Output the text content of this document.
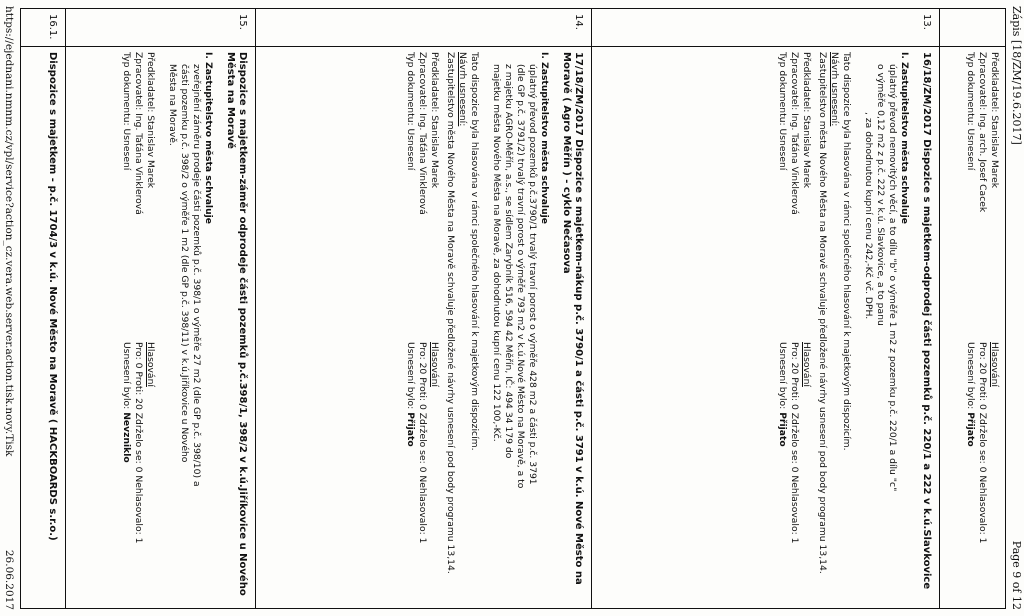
Zápis [18/ZM/19.6.2017]
Page 9 of 12

Předkladatel: Stanislav Marek

Zpracovatel: Ing. arch. Josef Cacek

Typ dokumentu: Usnesení

Hlasování

Pro: 20 Proti: 0 Zdrželo se: 0 Nehlasovalo: 1

Usnesení bylo: Přijato

13.

16/18/ZM/2017 Dispozice s majetkem-odprodej části pozemků p.č. 220/1 a 222 v k.ú.Slavkovice

I. Zastupitelstvo města schvaluje

úplatný převod nemovitých věcí, a to dílu "b" o výměře 1 m2 z pozemku p.č. 220/1 a dílu "c"

o výměře 0,12 m2 z p.č. 222 v k.ú. Slavkovice, a to panu

, za dohodnutou kupní cenu 242,-Kč vč. DPH.

Tato dispozice byla hlasována v rámci společného hlasování k majetkovým dispozicím.

Návrh usnesení:

Zastupitelstvo města Nového Města na Moravě schvaluje předložené návrhy usnesení pod body programu 13,14.

Předkladatel: Stanislav Marek

Zpracovatel: Ing. Taťána Vinklerová

Typ dokumentu: Usnesení

Hlasování

Pro: 20 Proti: 0 Zdrželo se: 0 Nehlasovalo: 1

Usnesení bylo: Přijato

14.

17/18/ZM/2017 Dispozice s majetkem-nákup p.č. 3790/1 a části p.č. 3791 v k.ú. Nové Město na Moravě ( Agro Měřín ) - cyklo Nečasova

I. Zastupitelstvo města schvaluje

úplatný převod pozemků p.č.3790/1 trvalý travní porost o výměře 428 m2 a části p.č. 3791

(dle GP p.č. 3791/2) trvalý travní porost o výměře 793 m2 v k.ú.Nové Město na Moravě, a to

z majetku AGRO-Měřín, a.s., se sídlem Zarybník 516, 594 42 Měřín, IČ: 494 34 179 do

majetku města Nového Města na Moravě, za dohodnutou kupní cenu 122 100,-Kč.

Tato dispozice byla hlasována v rámci společného hlasování k majetkovým dispozicím.

Návrh usnesení:

Zastupitelstvo města Nového Města na Moravě schvaluje předložené návrhy usnesení pod body programu 13,14.

Předkladatel: Stanislav Marek

Zpracovatel: Ing. Taťána Vinklerová

Typ dokumentu: Usnesení

Hlasování

Pro: 20 Proti: 0 Zdrželo se: 0 Nehlasovalo: 1

Usnesení bylo: Přijato

15.

Dispozice s majetkem-záměr odprodeje části pozemků p.č.398/1, 398/2 v k.ú.Jiříkovice u Nového Města na Moravě

I. Zastupitelstvo města schvaluje

zveřejnění záměru prodeje části pozemků p.č. 398/1 o výměře 27 m2 (dle GP p.č. 398/10) a

části pozemku p.č. 398/2 o výměře 1 m2 (dle GP p.č. 398/11) v k.ú.Jiříkovice u Nového

Města na Moravě.

Předkladatel: Stanislav Marek

Zpracovatel: Ing. Taťána Vinklerová

Typ dokumentu: Usnesení

Hlasování

Pro: 0 Proti: 20 Zdrželo se: 0 Nehlasovalo: 1

Usnesení bylo: Nevzniklo

16.1.

Dispozice s majetkem - p.č. 1704/3 v k.ú. Nové Město na Moravě ( HACKBOARDS s.r.o.)

https://ejednani.nmnm.cz/vpl/service?action_cz.vera.web.server.action.tisk.novy.Tisk
26.06.2017
